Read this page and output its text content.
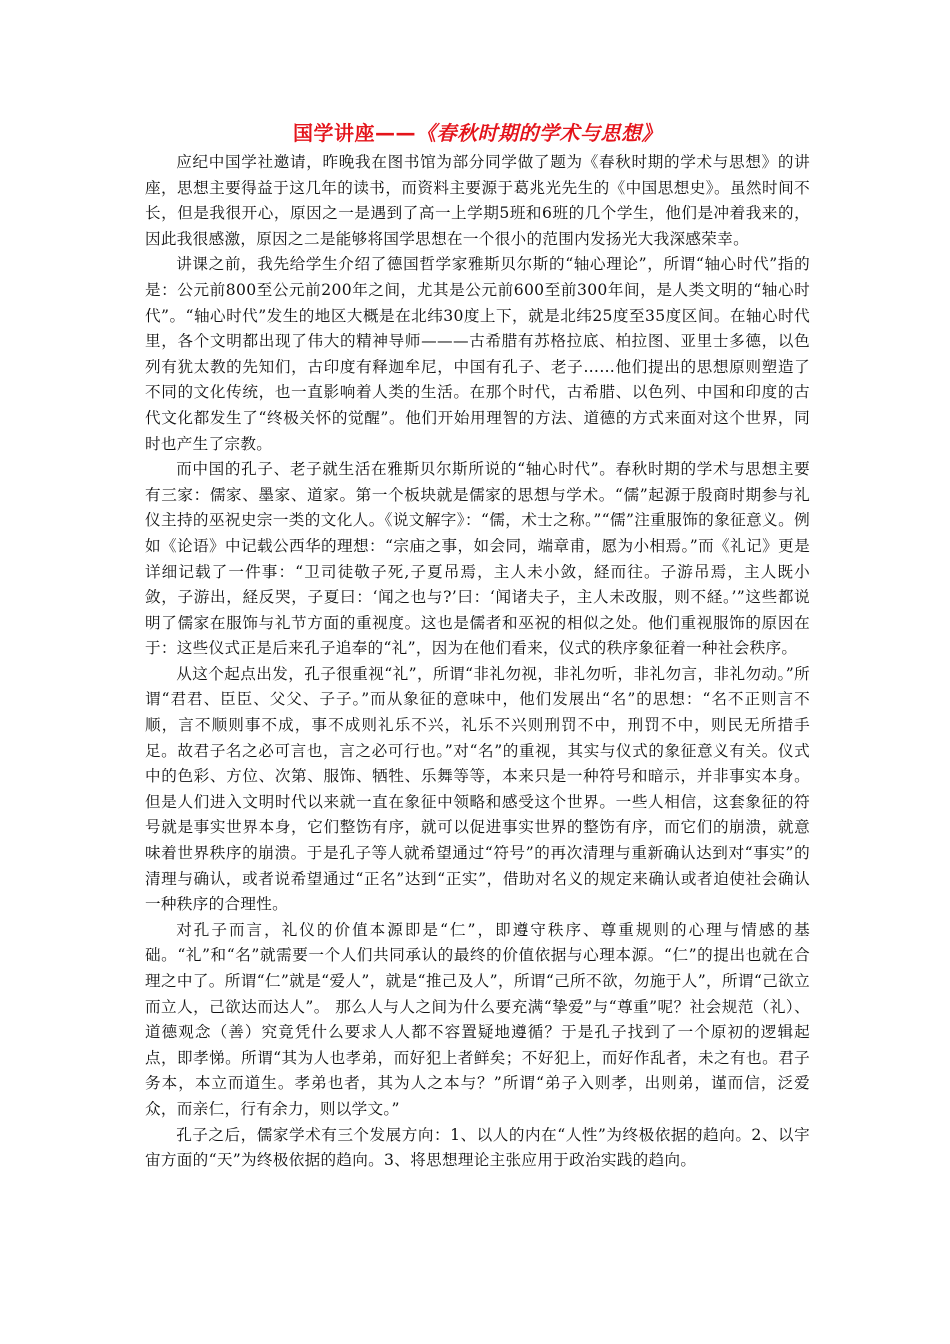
国学讲座——《春秋时期的学术与思想》

应纪中国学社邀请，昨晚我在图书馆为部分同学做了题为《春秋时期的学术与思想》的讲座，思想主要得益于这几年的读书，而资料主要源于葛兆光先生的《中国思想史》。虽然时间不长，但是我很开心，原因之一是遇到了高一上学期5班和6班的几个学生，他们是冲着我来的，因此我很感激，原因之二是能够将国学思想在一个很小的范围内发扬光大我深感荣幸。

讲课之前，我先给学生介绍了德国哲学家雅斯贝尔斯的“轴心理论”，所谓“轴心时代”指的是：公元前800至公元前200年之间，尤其是公元前600至前300年间，是人类文明的“轴心时代”。“轴心时代”发生的地区大概是在北纬30度上下，就是北纬25度至35度区间。在轴心时代里，各个文明都出现了伟大的精神导师———古希腊有苏格拉底、柏拉图、亚里士多德，以色列有犹太教的先知们，古印度有释迦牟尼，中国有孔子、老子……他们提出的思想原则塑造了不同的文化传统，也一直影响着人类的生活。在那个时代，古希腊、以色列、中国和印度的古代文化都发生了“终极关怀的觉醒”。他们开始用理智的方法、道德的方式来面对这个世界，同时也产生了宗教。

而中国的孔子、老子就生活在雅斯贝尔斯所说的“轴心时代”。春秋时期的学术与思想主要有三家：儒家、墨家、道家。第一个板块就是儒家的思想与学术。“儒”起源于殷商时期参与礼仪主持的巫祝史宗一类的文化人。《说文解字》：“儒，术士之称。”“儒”注重服饰的象征意义。例如《论语》中记载公西华的理想：“宗庙之事，如会同，端章甫，愿为小相焉。”而《礼记》更是详细记载了一件事：“卫司徒敬子死,子夏吊焉，主人未小敛，経而往。子游吊焉，主人既小敛，子游出，経反哭，子夏曰：‘闻之也与?’曰：‘闻诸夫子，主人未改服，则不経。’”这些都说明了儒家在服饰与礼节方面的重视度。这也是儒者和巫祝的相似之处。他们重视服饰的原因在于：这些仪式正是后来孔子追奉的“礼”，因为在他们看来，仪式的秩序象征着一种社会秩序。

从这个起点出发，孔子很重视“礼”，所谓“非礼勿视，非礼勿听，非礼勿言，非礼勿动。”所谓“君君、臣臣、父父、子子。”而从象征的意味中，他们发展出“名”的思想：“名不正则言不顺，言不顺则事不成，事不成则礼乐不兴，礼乐不兴则刑罚不中，刑罚不中，则民无所措手足。故君子名之必可言也，言之必可行也。”对“名”的重视，其实与仪式的象征意义有关。仪式中的色彩、方位、次第、服饰、牺牲、乐舞等等，本来只是一种符号和暗示，并非事实本身。但是人们进入文明时代以来就一直在象征中领略和感受这个世界。一些人相信，这套象征的符号就是事实世界本身，它们整饬有序，就可以促进事实世界的整饬有序，而它们的崩溃，就意味着世界秩序的崩溃。于是孔子等人就希望通过“符号”的再次清理与重新确认达到对“事实”的清理与确认，或者说希望通过“正名”达到“正实”，借助对名义的规定来确认或者迫使社会确认一种秩序的合理性。

对孔子而言，礼仪的价值本源即是“仁”，即遵守秩序、尊重规则的心理与情感的基础。“礼”和“名”就需要一个人们共同承认的最终的价值依据与心理本源。“仁”的提出也就在合理之中了。所谓“仁”就是“爱人”，就是“推己及人”，所谓“己所不欲，勿施于人”，所谓“己欲立而立人，己欲达而达人”。 那么人与人之间为什么要充满“挚爱”与“尊重”呢？社会规范（礼）、道德观念（善）究竟凭什么要求人人都不容置疑地遵循？于是孔子找到了一个原初的逻辑起点，即孝悌。所谓“其为人也孝弟，而好犯上者鲜矣；不好犯上，而好作乱者，未之有也。君子务本，本立而道生。孝弟也者，其为人之本与？”所谓“弟子入则孝，出则弟，谨而信，泛爱众，而亲仁，行有余力，则以学文。”

孔子之后，儒家学术有三个发展方向：1、以人的内在“人性”为终极依据的趋向。2、以宇宙方面的“天”为终极依据的趋向。3、将思想理论主张应用于政治实践的趋向。
